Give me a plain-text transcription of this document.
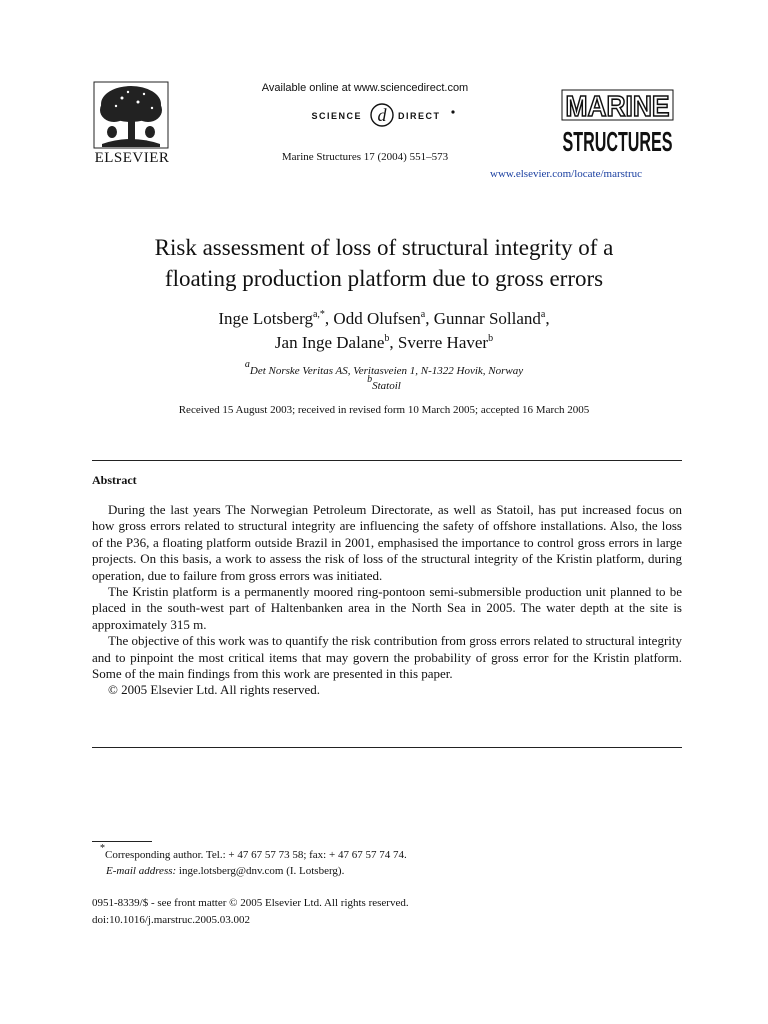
ELSEVIER
Available online at www.sciencedirect.com
SCIENCE d DIRECT
Marine Structures 17 (2004) 551–573
MARINE
STRUCTURES
www.elsevier.com/locate/marstruc
Risk assessment of loss of structural integrity of a
floating production platform due to gross errors
Inge Lotsberg$^{a,*}$, Odd Olufsen$^a$, Gunnar Solland$^a$,
Jan Inge Dalane$^b$, Sverre Haver$^b$
$^a$Det Norske Veritas AS, Veritasveien 1, N-1322 Hovik, Norway
$^b$Statoil
Received 15 August 2003; received in revised form 10 March 2005; accepted 16 March 2005
Abstract

During the last years The Norwegian Petroleum Directorate, as well as Statoil, has put increased focus on how gross errors related to structural integrity are influencing the safety of offshore installations. Also, the loss of the P36, a floating platform outside Brazil in 2001, emphasised the importance to control gross errors in large projects. On this basis, a work to assess the risk of loss of the structural integrity of the Kristin platform, during operation, due to failure from gross errors was initiated.

The Kristin platform is a permanently moored ring-pontoon semi-submersible production unit planned to be placed in the south-west part of Haltenbanken area in the North Sea in 2005. The water depth at the site is approximately 315 m.

The objective of this work was to quantify the risk contribution from gross errors related to structural integrity and to pinpoint the most critical items that may govern the probability of gross error for the Kristin platform. Some of the main findings from this work are presented in this paper.

© 2005 Elsevier Ltd. All rights reserved.

*Corresponding author. Tel.: + 47 67 57 73 58; fax: + 47 67 57 74 74.
E-mail address: inge.lotsberg@dnv.com (I. Lotsberg).
0951-8339/$ - see front matter © 2005 Elsevier Ltd. All rights reserved.
doi:10.1016/j.marstruc.2005.03.002
